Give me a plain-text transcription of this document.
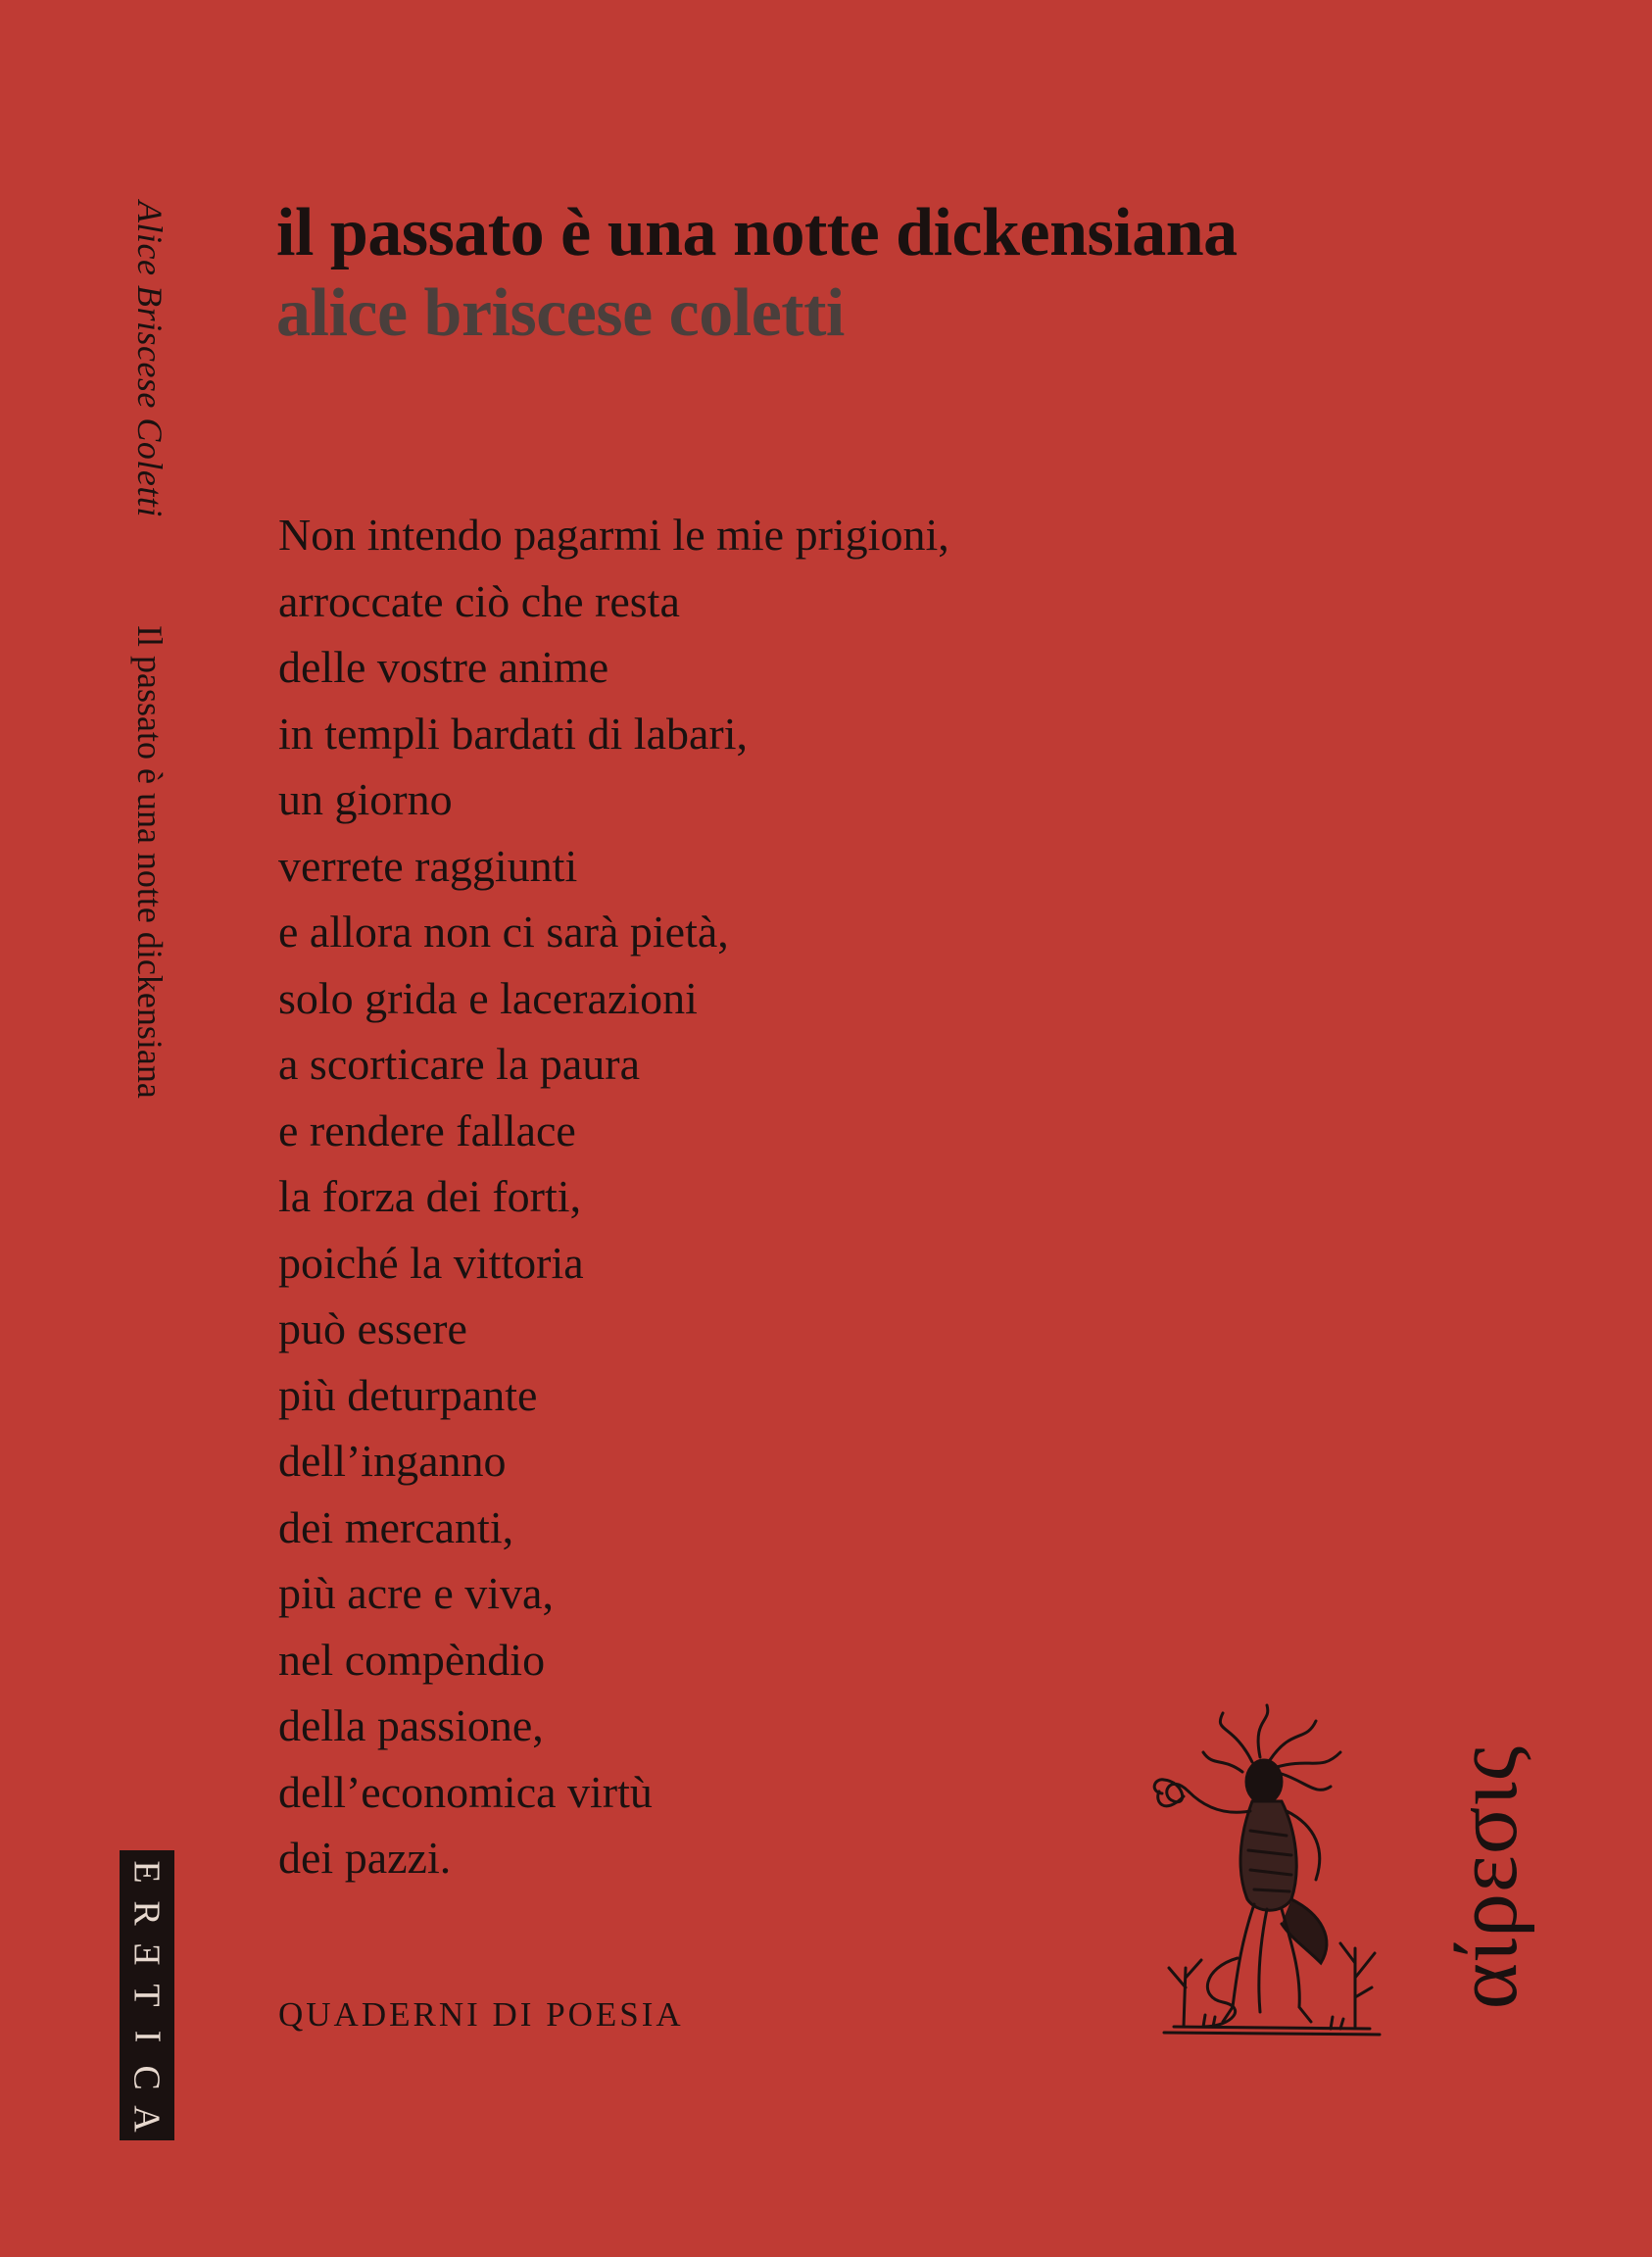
Alice Briscese Coletti
Il passato è una notte dickensiana
E
R
Ǝ
T
I
C
A
il passato è una notte dickensiana
alice briscese coletti
Non intendo pagarmi le mie prigioni,
arroccate ciò che resta
delle vostre anime
in templi bardati di labari,
un giorno
verrete raggiunti
e allora non ci sarà pietà,
solo grida e lacerazioni
a scorticare la paura
e rendere fallace
la forza dei forti,
poiché la vittoria
può essere
più deturpante
dell’inganno
dei mercanti,
più acre e viva,
nel compèndio
della passione,
dell’economica virtù
dei pazzi.
QUADERNI DI POESIA
αίρεσις
